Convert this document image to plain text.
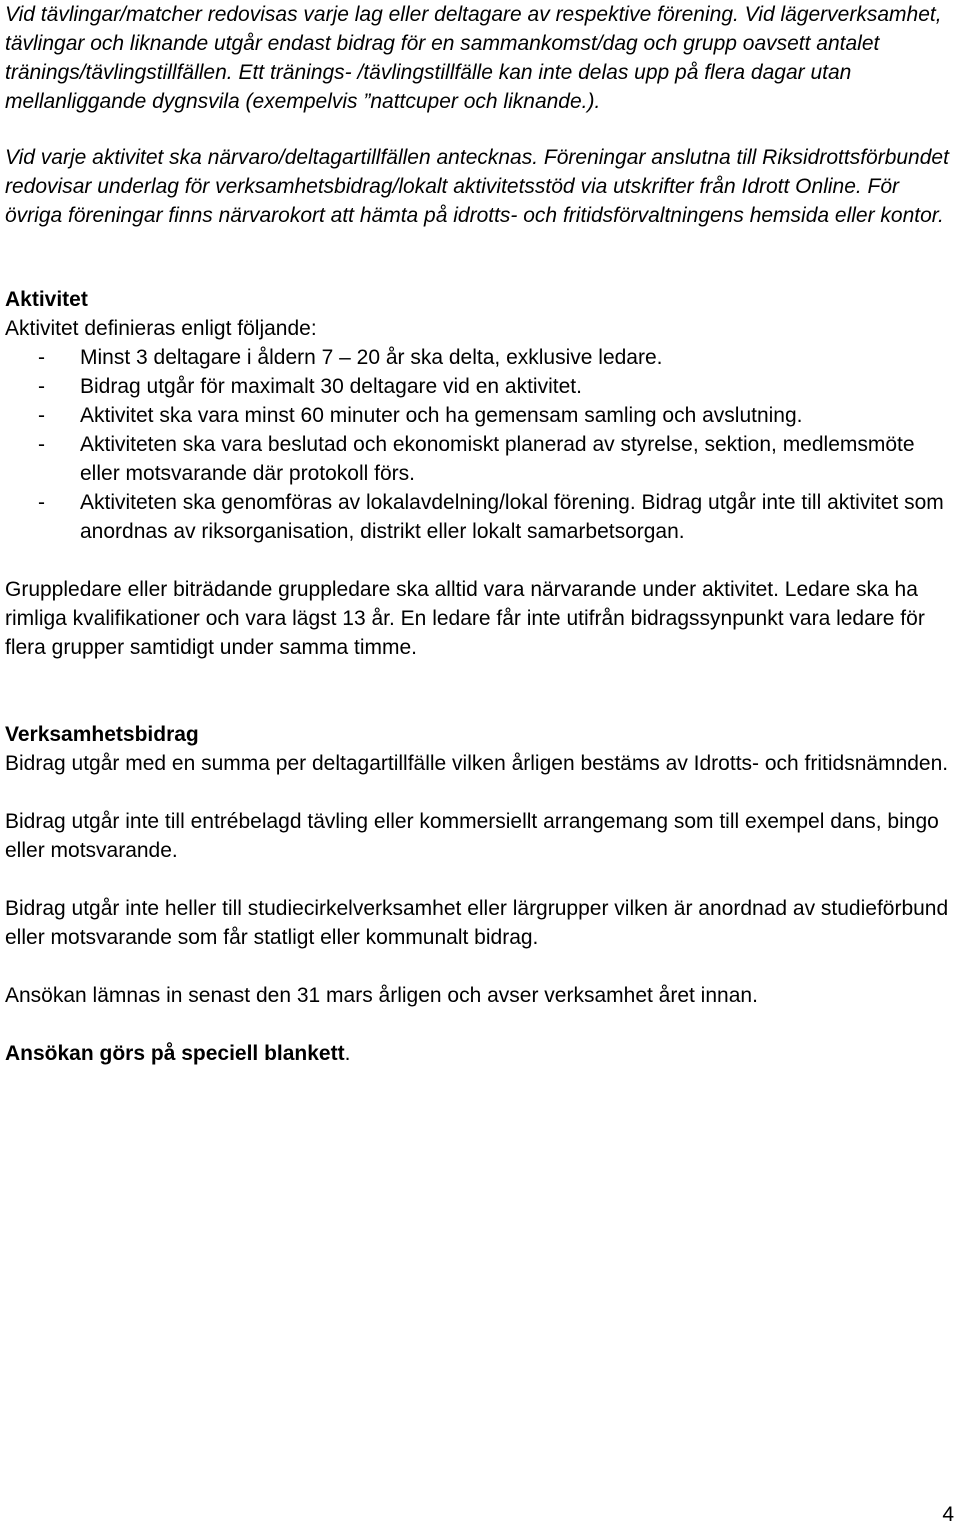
Vid tävlingar/matcher redovisas varje lag eller deltagare av respektive förening. Vid lägerverksamhet, tävlingar och liknande utgår endast bidrag för en sammankomst/dag och grupp oavsett antalet tränings/tävlingstillfällen. Ett tränings- /tävlingstillfälle kan inte delas upp på flera dagar utan mellanliggande dygnsvila (exempelvis ”nattcuper och liknande.).

Vid varje aktivitet ska närvaro/deltagartillfällen antecknas. Föreningar anslutna till Riksidrottsförbundet redovisar underlag för verksamhetsbidrag/lokalt aktivitetsstöd via utskrifter från Idrott Online. För övriga föreningar finns närvarokort att hämta på idrotts- och fritidsförvaltningens hemsida eller kontor.

Aktivitet

Aktivitet definieras enligt följande:

- Minst 3 deltagare i åldern 7 – 20 år ska delta, exklusive ledare.
- Bidrag utgår för maximalt 30 deltagare vid en aktivitet.
- Aktivitet ska vara minst 60 minuter och ha gemensam samling och avslutning.
- Aktiviteten ska vara beslutad och ekonomiskt planerad av styrelse, sektion, medlemsmöte eller motsvarande där protokoll förs.
- Aktiviteten ska genomföras av lokalavdelning/lokal förening. Bidrag utgår inte till aktivitet som anordnas av riksorganisation, distrikt eller lokalt samarbetsorgan.

Gruppledare eller biträdande gruppledare ska alltid vara närvarande under aktivitet. Ledare ska ha rimliga kvalifikationer och vara lägst 13 år. En ledare får inte utifrån bidragssynpunkt vara ledare för flera grupper samtidigt under samma timme.

Verksamhetsbidrag

Bidrag utgår med en summa per deltagartillfälle vilken årligen bestäms av Idrotts- och fritidsnämnden.

Bidrag utgår inte till entrébelagd tävling eller kommersiellt arrangemang som till exempel dans, bingo eller motsvarande.

Bidrag utgår inte heller till studiecirkelverksamhet eller lärgrupper vilken är anordnad av studieförbund eller motsvarande som får statligt eller kommunalt bidrag.

Ansökan lämnas in senast den 31 mars årligen och avser verksamhet året innan.

Ansökan görs på speciell blankett.

4
